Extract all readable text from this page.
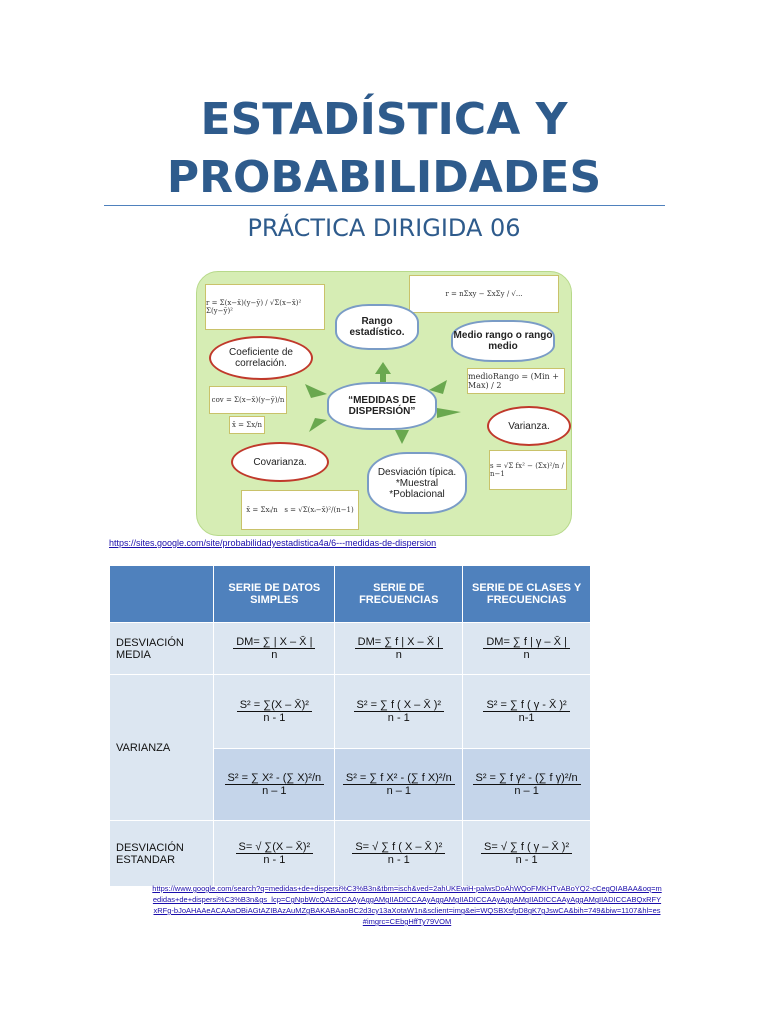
ESTADÍSTICA Y
PROBABILIDADES
PRÁCTICA DIRIGIDA 06
r = Σ(x−x̄)(y−ȳ) / √Σ(x−x̄)² Σ(y−ȳ)²
r = nΣxy − ΣxΣy / √...
Rango estadístico.	Medio rango o rango medio
medioRango = (Min + Max) / 2
Coeficiente de correlación.
cov = Σ(x−x̄)(y−ȳ)/n
x̄ = Σx/n
“MEDIDAS DE DISPERSIÓN”
Varianza.
s = √Σ fx² − (Σx)²/n / n−1
Covarianza.
Desviación típica. *Muestral *Poblacional
x̄ = Σxᵢ/n   s = √Σ(xᵢ−x̄)²/(n−1)
https://sites.google.com/site/probabilidadyestadistica4a/6---medidas-de-dispersion
	SERIE DE DATOS SIMPLES	SERIE DE FRECUENCIAS	SERIE DE CLASES Y FRECUENCIAS
DESVIACIÓN MEDIA	$\frac{DM= \sum | X - X̄ |}{n}$	$\frac{DM= \sum f | X - X̄ |}{n}$	$\frac{DM= \sum f | \gamma - X̄ |}{n}$

VARIANZA	$\frac{\text{S² = ∑(X – X̄)²}}{n - 1}$	$\frac{\text{S² = ∑ f ( X – X̄ )²}}{n - 1}$	$\frac{\text{S² = ∑ f ( γ - X̄ )²}}{n-1}$

	$\frac{\text{S² = ∑ X² - (∑ X)²/n}}{n - 1}$	$\frac{\text{S² = ∑ f X² - (∑ f X)²/n}}{n - 1}$	$\frac{\text{S² = ∑ f γ² - (∑ f γ)²/n}}{n - 1}$

DESVIACIÓN ESTANDAR	$\frac{\text{S= √ ∑(X – X̄)²}}{n - 1}$	$\frac{\text{S= √ ∑ f ( X – X̄ )²}}{n - 1}$	$\frac{\text{S= √ ∑ f ( γ – X̄ )²}}{n - 1}$
https://www.google.com/search?q=medidas+de+dispersi%C3%B3n&tbm=isch&ved=2ahUKEwiH-palwsDoAhWQoFMKHTvABoYQ2-cCegQIABAA&oq=medidas+de+dispersi%C3%B3n&gs_lcp=CgNpbWcQAzICCAAyAggAMgIIADICCAAyAggAMgIIADICCAAyAggAMgIIADICCAAyAggAMgIIADICCABQxRFYxRFg-bJoAHAAeACAAaOBiAGtAZIBAzAuMZgBAKABAaoBC2d3cy13aXotaW1n&sclient=img&ei=WQSBXsfpD8gK7gJswCA&bih=749&biw=1107&hl=es#imgrc=CEbgHffTy79VOM
